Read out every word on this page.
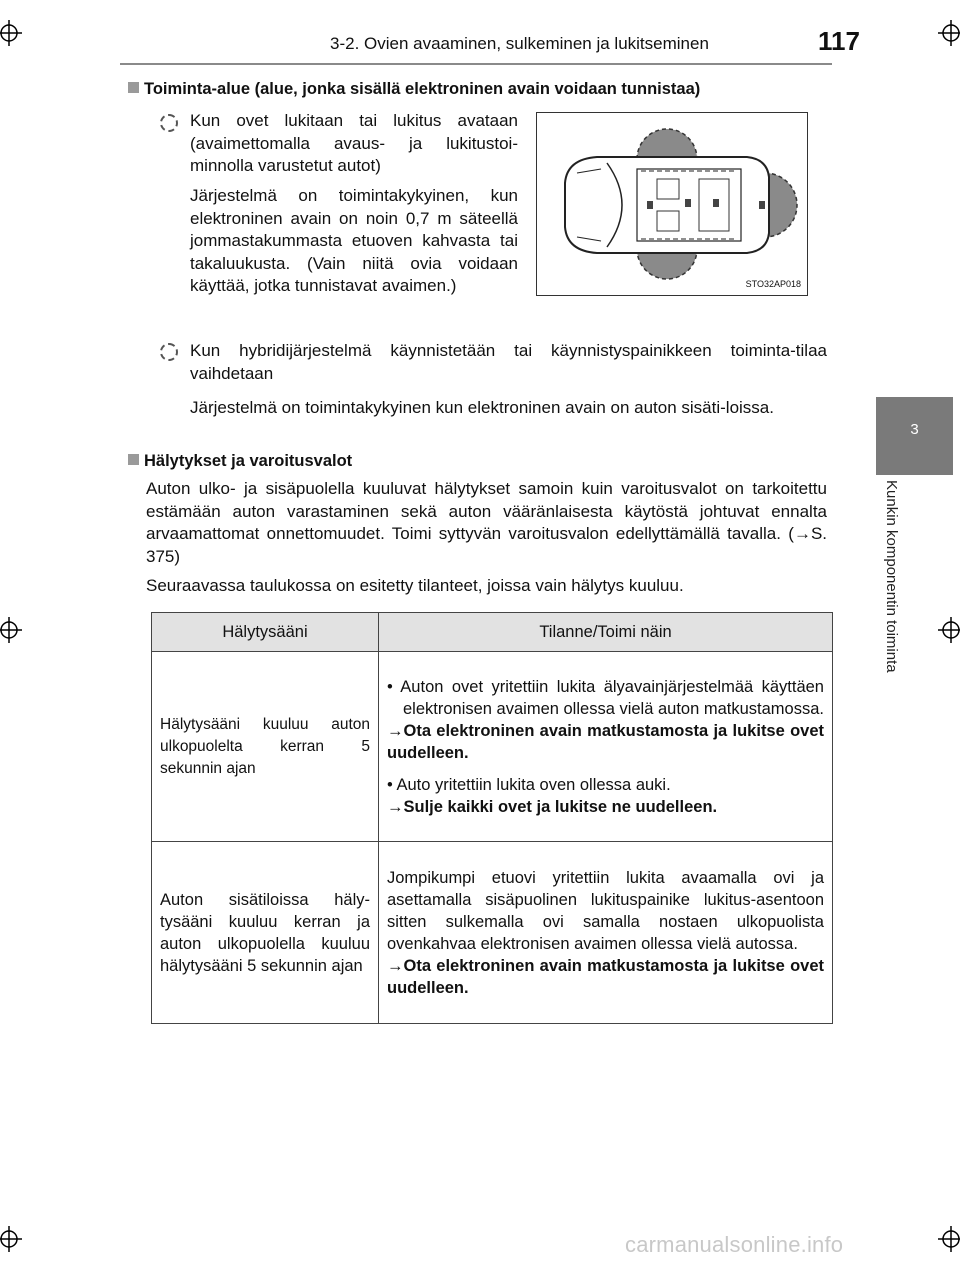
3-2. Ovien avaaminen, sulkeminen ja lukitseminen	117
3
Kunkin komponentin toiminta
Toiminta-alue (alue, jonka sisällä elektroninen avain voidaan tunnistaa)
Kun ovet lukitaan tai lukitus avataan (avaimettomalla avaus- ja lukitustoi-minnolla varustetut autot)
Järjestelmä on toimintakykyinen, kun elektroninen avain on noin 0,7 m säteellä jommastakummasta etuoven kahvasta tai takaluukusta. (Vain niitä ovia voidaan käyttää, jotka tunnistavat avaimen.)	STO32AP018
Kun hybridijärjestelmä käynnistetään tai käynnistyspainikkeen toiminta-tilaa vaihdetaan
Järjestelmä on toimintakykyinen kun elektroninen avain on auton sisäti-loissa.
Hälytykset ja varoitusvalot
Auton ulko- ja sisäpuolella kuuluvat hälytykset samoin kuin varoitusvalot on tarkoitettu estämään auton varastaminen sekä auton vääränlaisesta käytöstä johtuvat ennalta arvaamattomat onnettomuudet. Toimi syttyvän varoitusvalon edellyttämällä tavalla. (→S. 375)
Seuraavassa taulukossa on esitetty tilanteet, joissa vain hälytys kuuluu.
Hälytysääni	Tilanne/Toimi näin
Hälytysääni kuuluu auton ulkopuolelta kerran 5 sekunnin ajan	• Auton ovet yritettiin lukita älyavainjärjestelmää käyttäen elektronisen avaimen ollessa vielä auton matkustamossa.
→Ota elektroninen avain matkustamosta ja lukitse ovet uudelleen.
• Auto yritettiin lukita oven ollessa auki.
→Sulje kaikki ovet ja lukitse ne uudelleen.

Auton sisätiloissa häly-tysääni kuuluu kerran ja auton ulkopuolella kuuluu hälytysääni 5 sekunnin ajan	Jompikumpi etuovi yritettiin lukita avaamalla ovi ja asettamalla sisäpuolinen lukituspainike lukitus-asentoon sitten sulkemalla ovi samalla nostaen ulkopuolista ovenkahvaa elektronisen avaimen ollessa vielä autossa.
→Ota elektroninen avain matkustamosta ja lukitse ovet uudelleen.
carmanualsonline.info
